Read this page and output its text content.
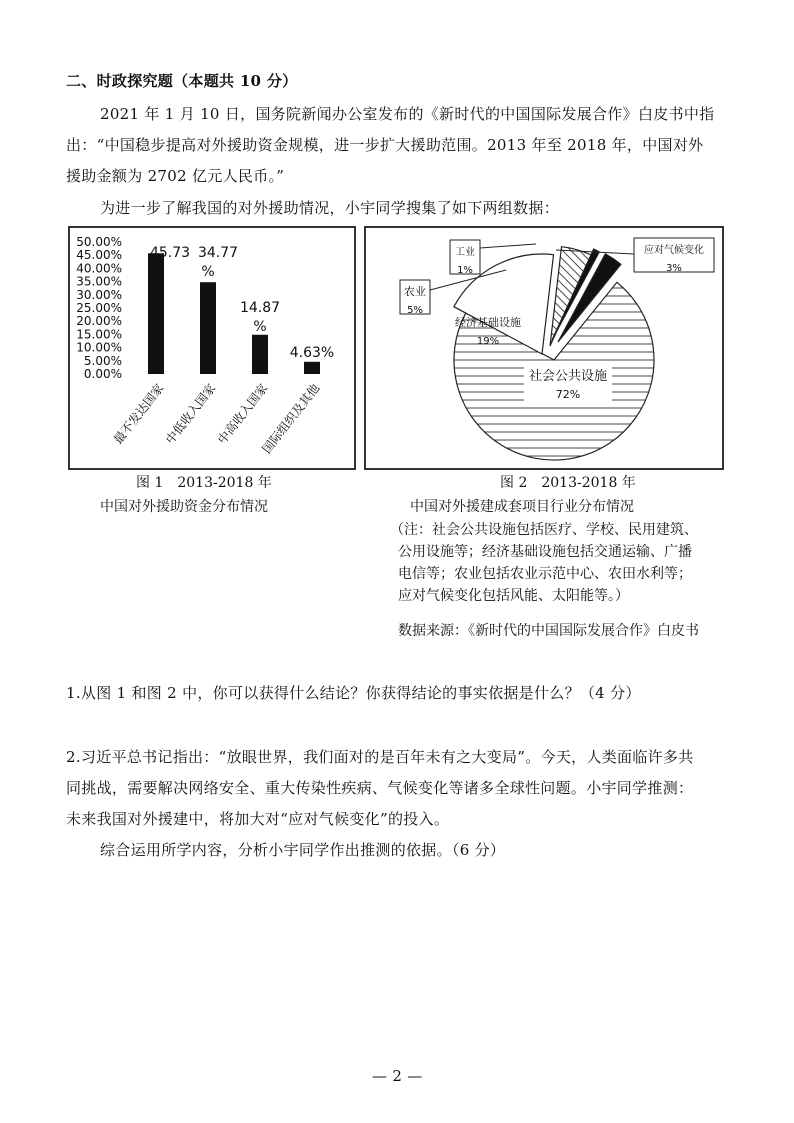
二、时政探究题（本题共 10 分）
2021 年 1 月 10 日，国务院新闻办公室发布的《新时代的中国国际发展合作》白皮书中指
出：“中国稳步提高对外援助资金规模，进一步扩大援助范围。2013 年至 2018 年，中国对外
援助金额为 2702 亿元人民币。”
为进一步了解我国的对外援助情况，小宇同学搜集了如下两组数据：
50.00%
45.00%
40.00%
35.00%
30.00%
25.00%
20.00%
15.00%
10.00%
5.00%
0.00%
45.73 34.77
%
14.87
%
4.63%
最不发达国家
中低收入国家
中高收入国家
国际组织及其他
图 1　2013-2018 年
中国对外援助资金分布情况
工业
1%
应对气候变化
3%
农业
5%
经济基础设施
19%
社会公共设施
72%
图 2　2013-2018 年
中国对外援建成套项目行业分布情况
（注：社会公共设施包括医疗、学校、民用建筑、
公用设施等；经济基础设施包括交通运输、广播
电信等；农业包括农业示范中心、农田水利等；
应对气候变化包括风能、太阳能等。）
数据来源：《新时代的中国国际发展合作》白皮书
1.从图 1 和图 2 中，你可以获得什么结论？你获得结论的事实依据是什么？（4 分）
2.习近平总书记指出：“放眼世界，我们面对的是百年未有之大变局”。今天，人类面临许多共
同挑战，需要解决网络安全、重大传染性疾病、气候变化等诸多全球性问题。小宇同学推测：
未来我国对外援建中，将加大对“应对气候变化”的投入。
综合运用所学内容，分析小宇同学作出推测的依据。（6 分）
— 2 —
